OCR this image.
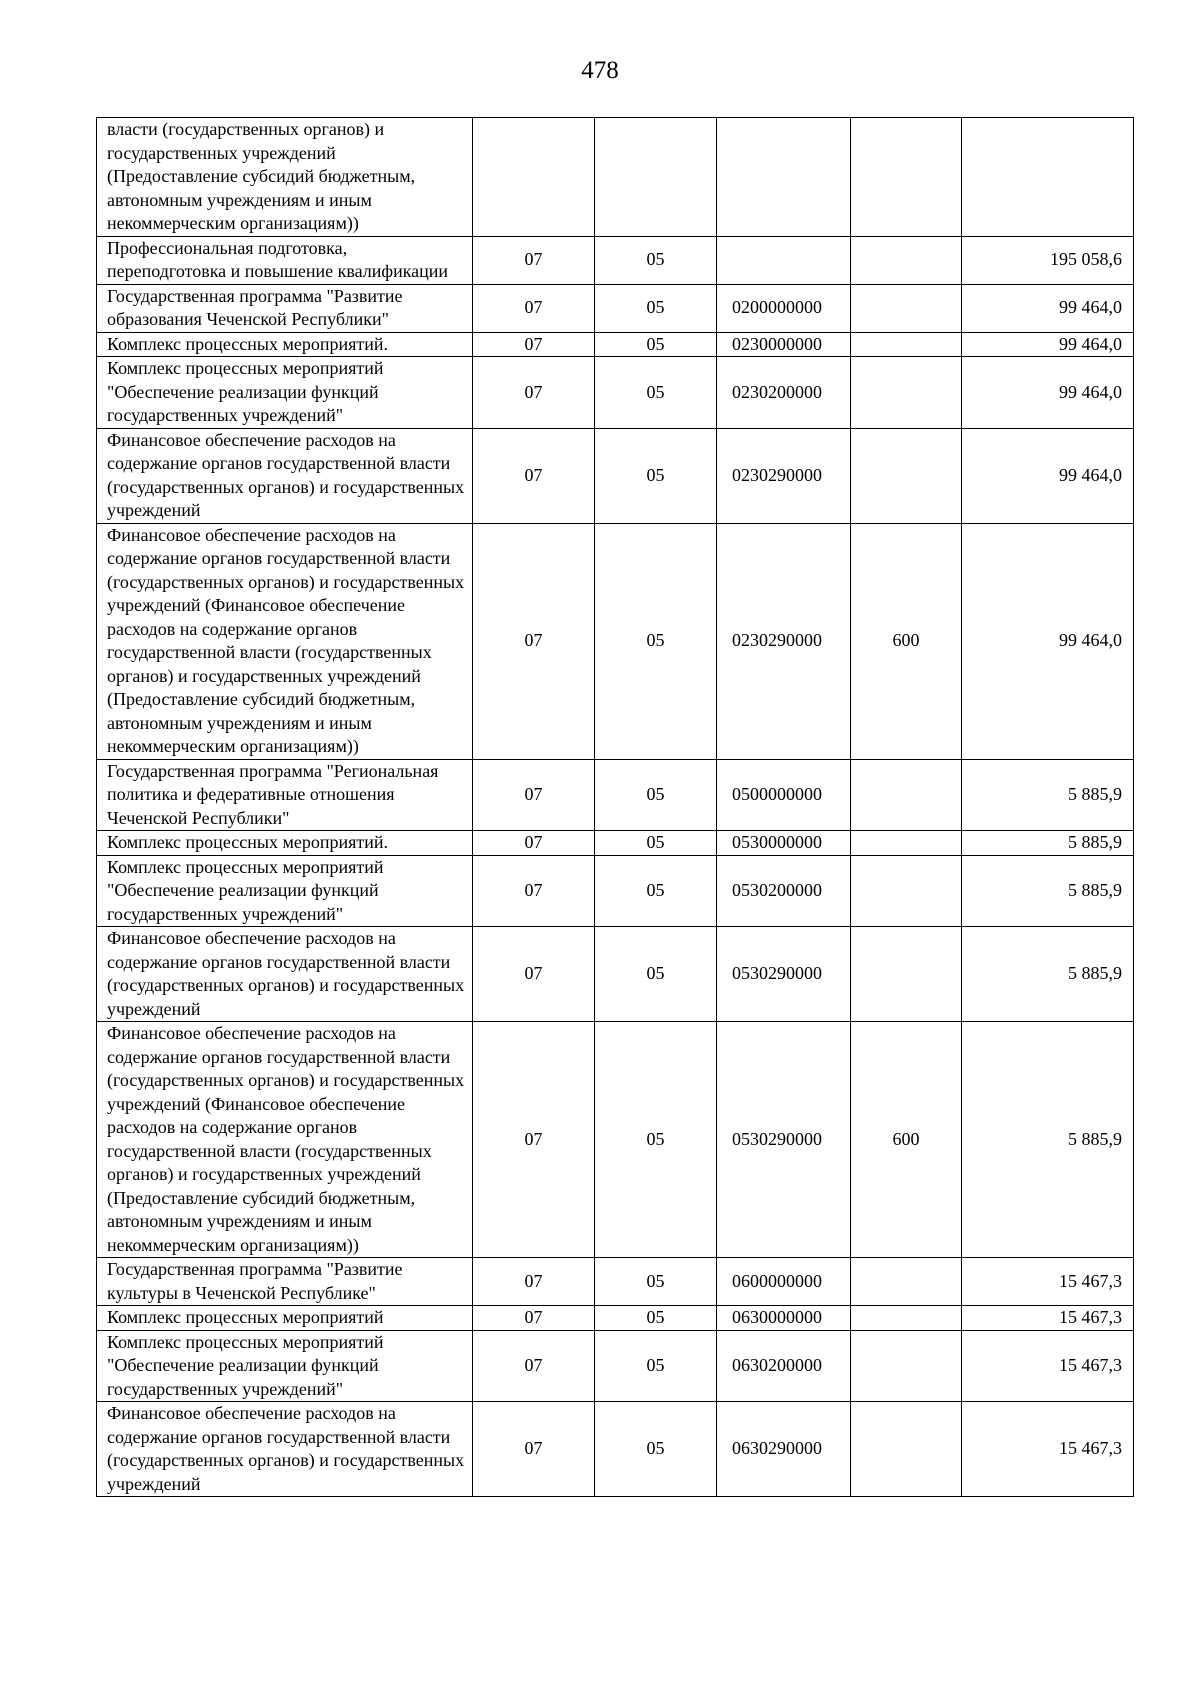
478
власти (государственных органов) и государственных учреждений (Предоставление субсидий бюджетным, автономным учреждениям и иным некоммерческим организациям))					
Профессиональная подготовка, переподготовка и повышение квалификации	07	05			195 058,6
Государственная программа "Развитие образования Чеченской Республики"	07	05	0200000000		99 464,0
Комплекс процессных мероприятий.	07	05	0230000000		99 464,0
Комплекс процессных мероприятий "Обеспечение реализации функций государственных учреждений"	07	05	0230200000		99 464,0
Финансовое обеспечение расходов на содержание органов государственной власти (государственных органов) и государственных учреждений	07	05	0230290000		99 464,0
Финансовое обеспечение расходов на содержание органов государственной власти (государственных органов) и государственных учреждений (Финансовое обеспечение расходов на содержание органов государственной власти (государственных органов) и государственных учреждений (Предоставление субсидий бюджетным, автономным учреждениям и иным некоммерческим организациям))	07	05	0230290000	600	99 464,0
Государственная программа "Региональная политика и федеративные отношения Чеченской Республики"	07	05	0500000000		5 885,9
Комплекс процессных мероприятий.	07	05	0530000000		5 885,9
Комплекс процессных мероприятий "Обеспечение реализации функций государственных учреждений"	07	05	0530200000		5 885,9
Финансовое обеспечение расходов на содержание органов государственной власти (государственных органов) и государственных учреждений	07	05	0530290000		5 885,9
Финансовое обеспечение расходов на содержание органов государственной власти (государственных органов) и государственных учреждений (Финансовое обеспечение расходов на содержание органов государственной власти (государственных органов) и государственных учреждений (Предоставление субсидий бюджетным, автономным учреждениям и иным некоммерческим организациям))	07	05	0530290000	600	5 885,9
Государственная программа "Развитие культуры в Чеченской Республике"	07	05	0600000000		15 467,3
Комплекс процессных мероприятий	07	05	0630000000		15 467,3
Комплекс процессных мероприятий "Обеспечение реализации функций государственных учреждений"	07	05	0630200000		15 467,3
Финансовое обеспечение расходов на содержание органов государственной власти (государственных органов) и государственных учреждений	07	05	0630290000		15 467,3
